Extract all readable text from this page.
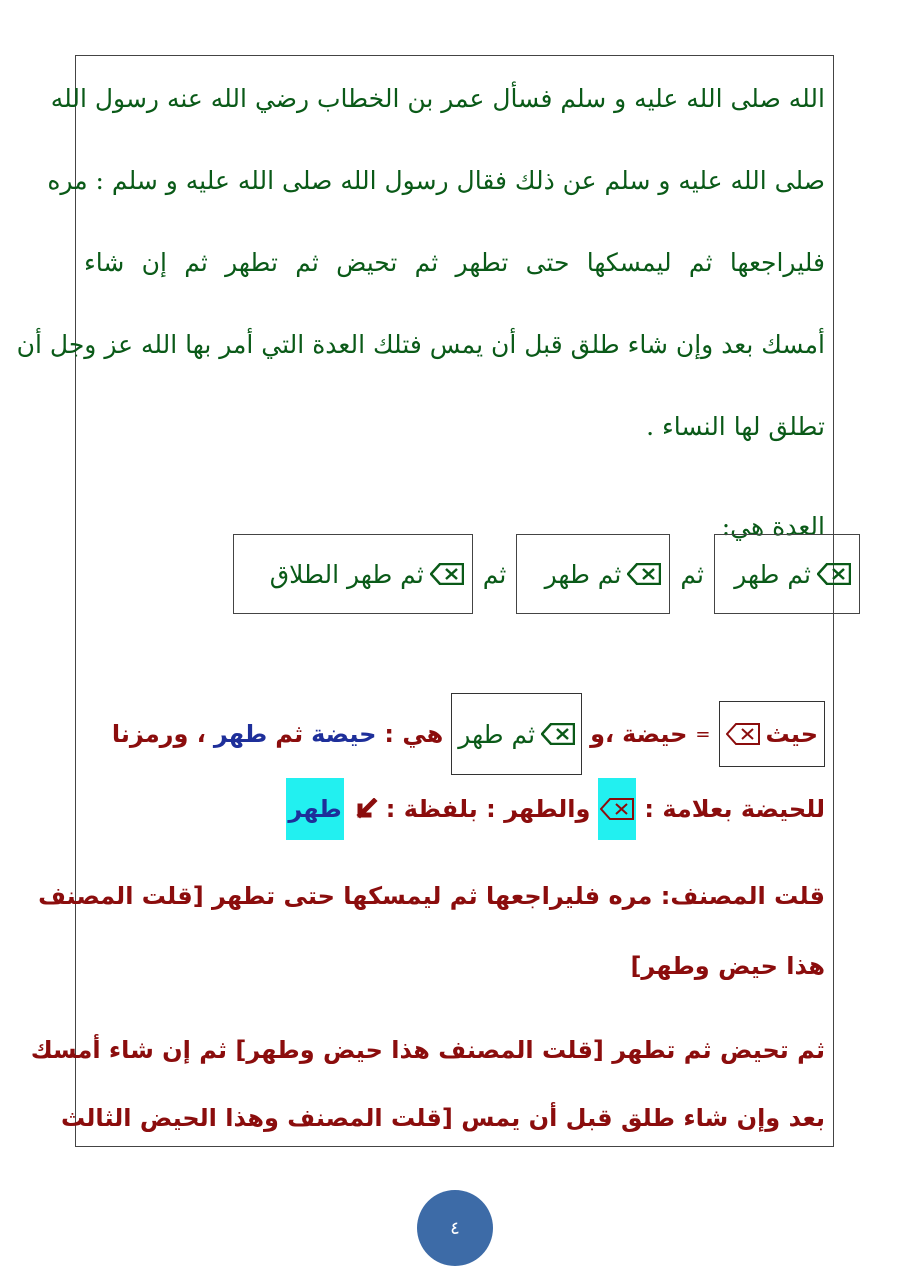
الله صلى الله عليه و سلم فسأل عمر بن الخطاب رضي الله عنه رسول الله
صلى الله عليه و سلم عن ذلك فقال رسول الله صلى الله عليه و سلم : مره
فليراجعها ثم ليمسكها حتى تطهر ثم تحيض ثم تطهر ثم إن شاء
أمسك بعد وإن شاء طلق قبل أن يمس فتلك العدة التي أمر بها الله عز وجل أن
تطلق لها النساء .
العدة هي:
حيث
=
حيضة
،و
ثم طهر
هي :
حيضة
ثم
طهر
، ورمزنا
للحيضة بعلامة :
والطهر : بلفظة :
طهر
قلت المصنف: مره فليراجعها ثم ليمسكها حتى تطهر [قلت المصنف
هذا حيض وطهر]
ثم تحيض ثم تطهر [قلت المصنف هذا حيض وطهر] ثم إن شاء أمسك
بعد وإن شاء طلق قبل أن يمس [قلت المصنف وهذا الحيض الثالث
ثم طهر
ثم
ثم طهر
ثم
ثم طهر الطلاق
٤
